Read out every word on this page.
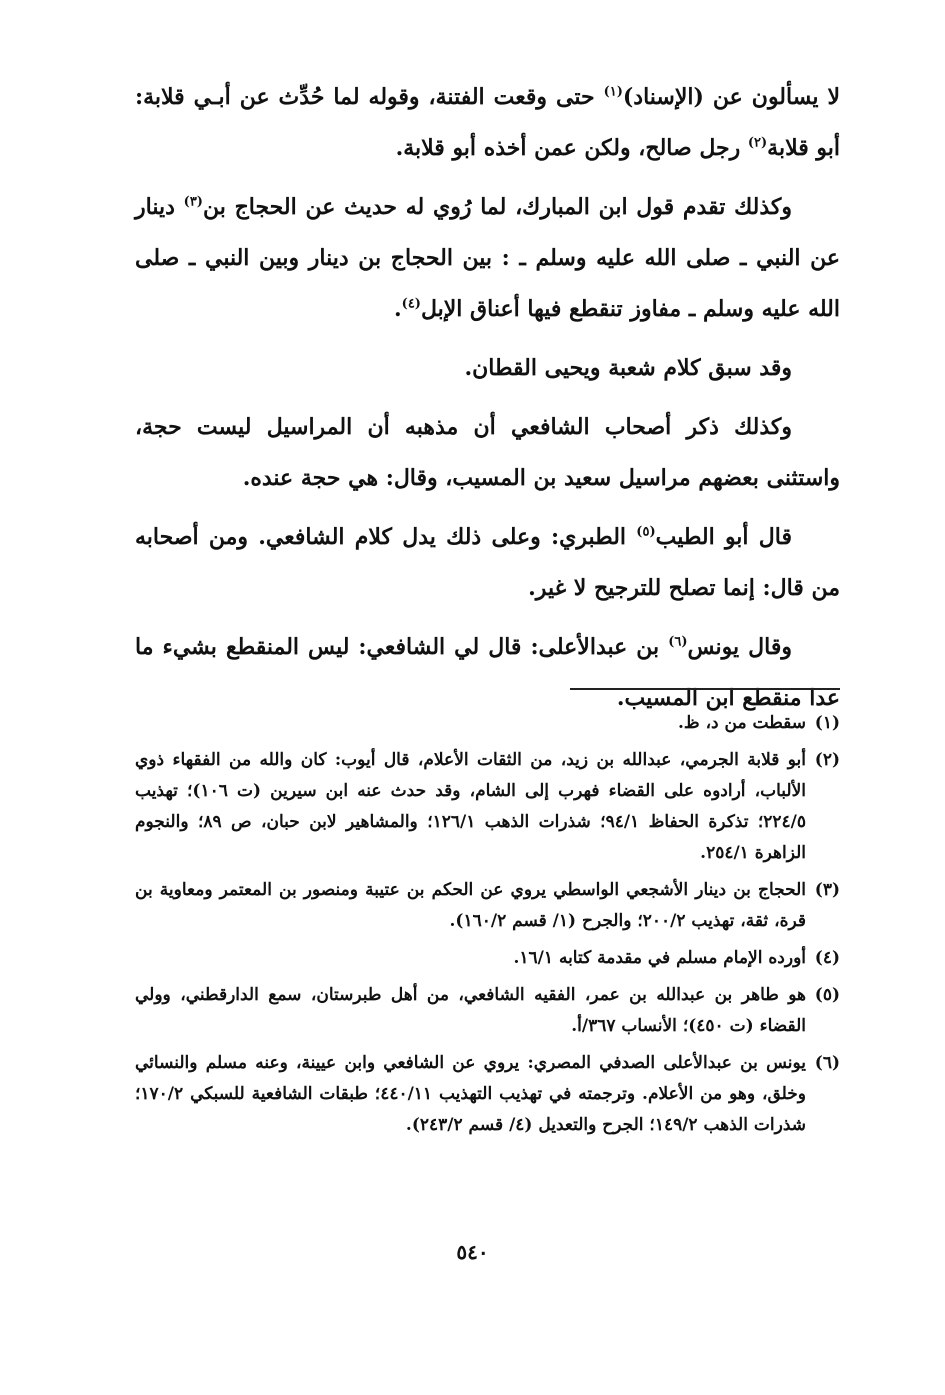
لا يسألون عن (الإسناد)$^{(١)}$ حتى وقعت الفتنة، وقوله لما حُدِّث عن أبـي قلابة: أبو قلابة$^{(٢)}$ رجل صالح، ولكن عمن أخذه أبو قلابة.

وكذلك تقدم قول ابن المبارك، لما رُوي له حديث عن الحجاج بن$^{(٣)}$ دينار عن النبي ـ صلى الله عليه وسلم ـ : بين الحجاج بن دينار وبين النبي ـ صلى الله عليه وسلم ـ مفاوز تنقطع فيها أعناق الإبل$^{(٤)}$.

وقد سبق كلام شعبة ويحيى القطان.

وكذلك ذكر أصحاب الشافعي أن مذهبه أن المراسيل ليست حجة، واستثنى بعضهم مراسيل سعيد بن المسيب، وقال: هي حجة عنده.

قال أبو الطيب$^{(٥)}$ الطبري: وعلى ذلك يدل كلام الشافعي. ومن أصحابه من قال: إنما تصلح للترجيح لا غير.

وقال يونس$^{(٦)}$ بن عبدالأعلى: قال لي الشافعي: ليس المنقطع بشيء ما عدا منقطع ابن المسيب.

(١)
سقطت من د، ظ.
(٢)
أبو قلابة الجرمي، عبدالله بن زيد، من الثقات الأعلام، قال أيوب: كان والله من الفقهاء ذوي الألباب، أرادوه على القضاء فهرب إلى الشام، وقد حدث عنه ابن سيرين (ت ١٠٦)؛ تهذيب ٢٢٤/٥؛ تذكرة الحفاظ ٩٤/١؛ شذرات الذهب ١٢٦/١؛ والمشاهير لابن حبان، ص ٨٩؛ والنجوم الزاهرة ٢٥٤/١.
(٣)
الحجاج بن دينار الأشجعي الواسطي يروي عن الحكم بن عتيبة ومنصور بن المعتمر ومعاوية بن قرة، ثقة، تهذيب ٢٠٠/٢؛ والجرح (١/ قسم ١٦٠/٢).
(٤)
أورده الإمام مسلم في مقدمة كتابه ١٦/١.
(٥)
هو طاهر بن عبدالله بن عمر، الفقيه الشافعي، من أهل طبرستان، سمع الدارقطني، وولي القضاء (ت ٤٥٠)؛ الأنساب ٣٦٧/أ.
(٦)
يونس بن عبدالأعلى الصدفي المصري: يروي عن الشافعي وابن عيينة، وعنه مسلم والنسائي وخلق، وهو من الأعلام. وترجمته في تهذيب التهذيب ٤٤٠/١١؛ طبقات الشافعية للسبكي ١٧٠/٢؛ شذرات الذهب ١٤٩/٢؛ الجرح والتعديل (٤/ قسم ٢٤٣/٢).
٥٤٠
